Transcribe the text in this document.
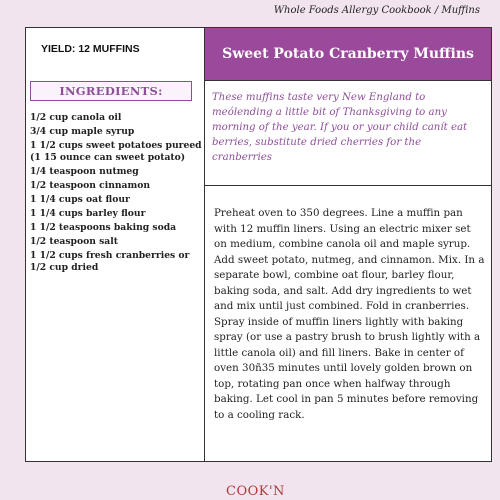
Whole Foods Allergy Cookbook / Muffins
YIELD: 12 MUFFINS
INGREDIENTS:
1/2 cup canola oil
3/4 cup maple syrup
1 1/2 cups sweet potatoes pureed (1 15 ounce can sweet potato)
1/4 teaspoon nutmeg
1/2 teaspoon cinnamon
1 1/4 cups oat flour
1 1/4 cups barley flour
1 1/2 teaspoons baking soda
1/2 teaspoon salt
1 1/2 cups fresh cranberries or 1/2 cup dried
Sweet Potato Cranberry Muffins

These muffins taste very New England to meólending a little bit of Thanksgiving to any morning of the year. If you or your child canít eat berries, substitute dried cherries for the cranberries

Preheat oven to 350 degrees. Line a muffin pan with 12 muffin liners. Using an electric mixer set on medium, combine canola oil and maple syrup. Add sweet potato, nutmeg, and cinnamon. Mix. In a separate bowl, combine oat flour, barley flour, baking soda, and salt. Add dry ingredients to wet and mix until just combined. Fold in cranberries. Spray inside of muffin liners lightly with baking spray (or use a pastry brush to brush lightly with a little canola oil) and fill liners. Bake in center of oven 30ñ35 minutes until lovely golden brown on top, rotating pan once when halfway through baking. Let cool in pan 5 minutes before removing to a cooling rack.

COOK'N
